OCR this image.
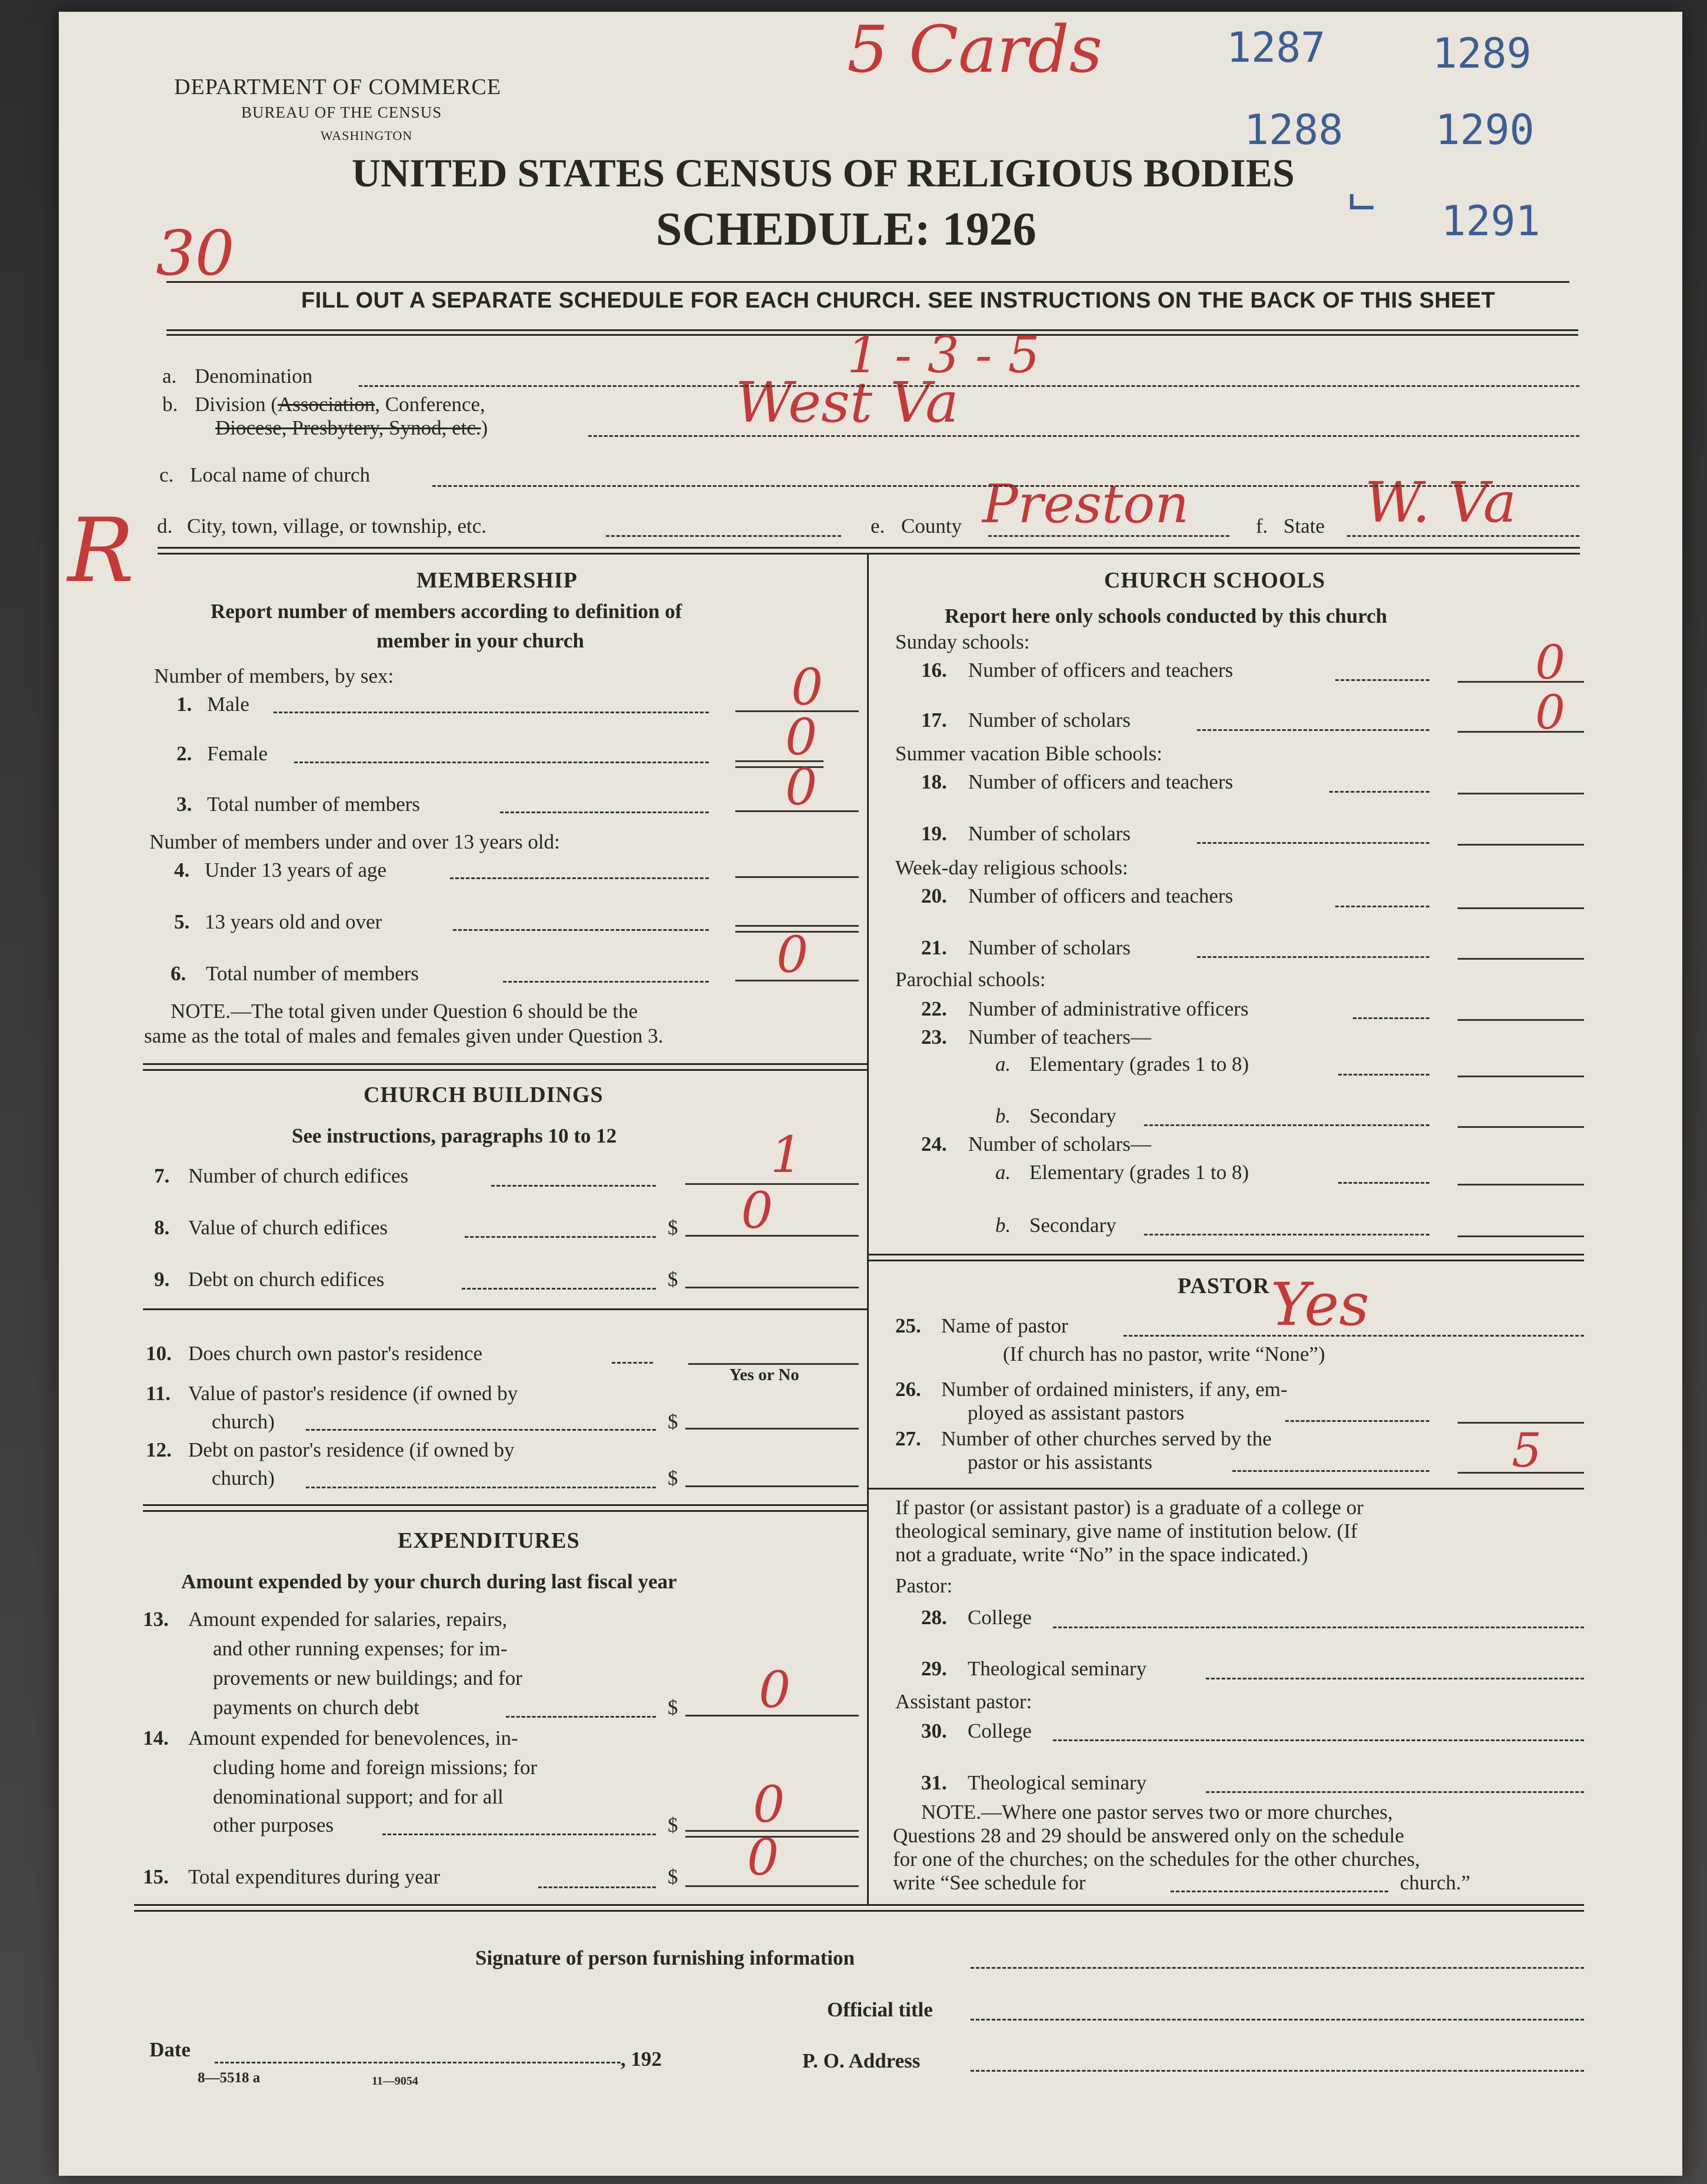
DEPARTMENT OF COMMERCE
BUREAU OF THE CENSUS
WASHINGTON
UNITED STATES CENSUS OF RELIGIOUS BODIES
SCHEDULE: 1926
FILL OUT A SEPARATE SCHEDULE FOR EACH CHURCH. SEE INSTRUCTIONS ON THE BACK OF THIS SHEET
1287	1289
1288 1290
1291
5 Cards
30
1 - 3 - 5
West Va
Preston	W. Va
R
a. Denomination
b. Division (Association, Conference,
Diocese, Presbytery, Synod, etc.)
c. Local name of church
d. City, town, village, or township, etc.	e. County	f. State
MEMBERSHIP
Report number of members according to definition of
member in your church
Number of members, by sex:
1. Male	0
2. Female	0
3. Total number of members	0
Number of members under and over 13 years old:
4. Under 13 years of age
5. 13 years old and over
6. Total number of members	0
NOTE.—The total given under Question 6 should be the
same as the total of males and females given under Question 3.
CHURCH BUILDINGS
See instructions, paragraphs 10 to 12
7. Number of church edifices	1
8. Value of church edifices	$ 0
9. Debt on church edifices	$
10. Does church own pastor's residence
Yes or No
11. Value of pastor's residence (if owned by
church)	$
12. Debt on pastor's residence (if owned by
church)	$
EXPENDITURES
Amount expended by your church during last fiscal year
13. Amount expended for salaries, repairs,
and other running expenses; for im-
provements or new buildings; and for
payments on church debt	$ 0
14. Amount expended for benevolences, in-
cluding home and foreign missions; for
denominational support; and for all
other purposes	$ 0
15. Total expenditures during year	$ 0
CHURCH SCHOOLS
Report here only schools conducted by this church
Sunday schools:
16. Number of officers and teachers	0
17. Number of scholars	0
Summer vacation Bible schools:
18. Number of officers and teachers
19. Number of scholars
Week-day religious schools:
20. Number of officers and teachers
21. Number of scholars
Parochial schools:
22. Number of administrative officers
23. Number of teachers—
a. Elementary (grades 1 to 8)
b. Secondary
24. Number of scholars—
a. Elementary (grades 1 to 8)
b. Secondary
PASTOR Yes
25. Name of pastor
(If church has no pastor, write “None”)
26. Number of ordained ministers, if any, em-
ployed as assistant pastors
27. Number of other churches served by the
pastor or his assistants	5
If pastor (or assistant pastor) is a graduate of a college or
theological seminary, give name of institution below. (If
not a graduate, write “No” in the space indicated.)
Pastor:
28. College
29. Theological seminary
Assistant pastor:
30. College
31. Theological seminary
NOTE.—Where one pastor serves two or more churches,
Questions 28 and 29 should be answered only on the schedule
for one of the churches; on the schedules for the other churches,
write “See schedule for	church.”
Signature of person furnishing information
Official title
Date	, 192	P. O. Address
8—5518 a	11—9054
